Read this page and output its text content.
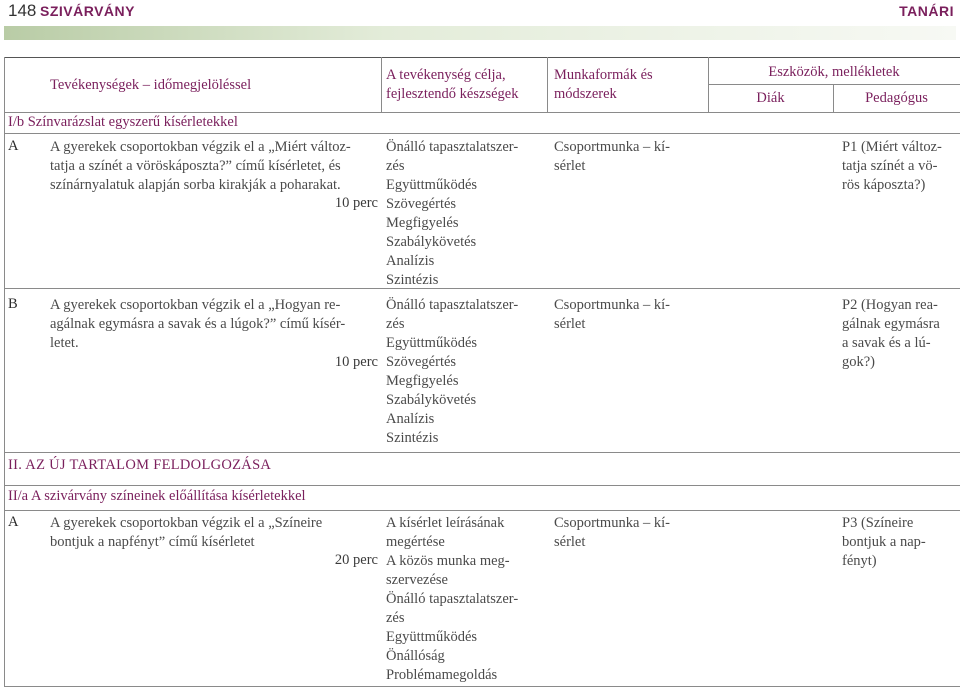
148 SZIVÁRVÁNY	TANÁRI
Tevékenységek – időmegjelöléssel
A tevékenység célja,
fejlesztendő készségek
Munkaformák és
módszerek
Eszközök, mellékletek
Diák	Pedagógus
I/b Színvarázslat egyszerű kísérletekkel
A A gyerekek csoportokban végzik el a „Miért változ-
tatja a színét a vöröskáposzta?” című kísérletet, és
színárnyalatuk alapján sorba kirakják a poharakat.
10 perc
Önálló tapasztalatszer-
zés
Együttműködés
Szövegértés
Megfigyelés
Szabálykövetés
Analízis
Szintézis
Csoportmunka – kí-
sérlet
P1 (Miért változ-
tatja színét a vö-
rös káposzta?)
B A gyerekek csoportokban végzik el a „Hogyan re-
agálnak egymásra a savak és a lúgok?” című kísér-
letet.
10 perc
Önálló tapasztalatszer-
zés
Együttműködés
Szövegértés
Megfigyelés
Szabálykövetés
Analízis
Szintézis
Csoportmunka – kí-
sérlet
P2 (Hogyan rea-
gálnak egymásra
a savak és a lú-
gok?)
II. AZ ÚJ TARTALOM FELDOLGOZÁSA
II/a A szivárvány színeinek előállítása kísérletekkel
A A gyerekek csoportokban végzik el a „Színeire
bontjuk a napfényt” című kísérletet
20 perc
A kísérlet leírásának
megértése
A közös munka meg-
szervezése
Önálló tapasztalatszer-
zés
Együttműködés
Önállóság
Problémamegoldás
Csoportmunka – kí-
sérlet
P3 (Színeire
bontjuk a nap-
fényt)
